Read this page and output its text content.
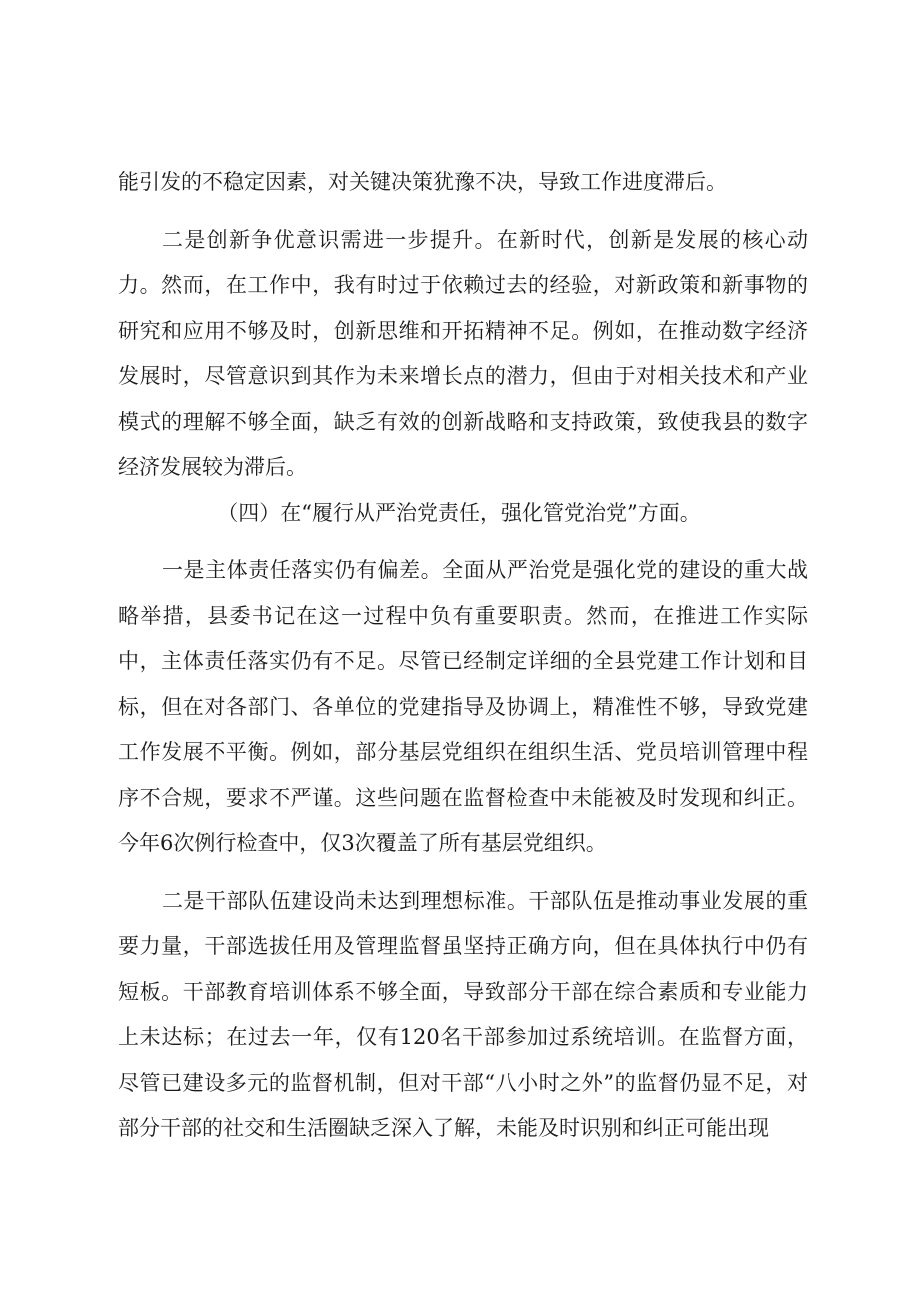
能引发的不稳定因素，对关键决策犹豫不决，导致工作进度滞后。

二是创新争优意识需进一步提升。在新时代，创新是发展的核心动力。然而，在工作中，我有时过于依赖过去的经验，对新政策和新事物的研究和应用不够及时，创新思维和开拓精神不足。例如，在推动数字经济发展时，尽管意识到其作为未来增长点的潜力，但由于对相关技术和产业模式的理解不够全面，缺乏有效的创新战略和支持政策，致使我县的数字经济发展较为滞后。

（四）在“履行从严治党责任，强化管党治党”方面。

一是主体责任落实仍有偏差。全面从严治党是强化党的建设的重大战略举措，县委书记在这一过程中负有重要职责。然而，在推进工作实际中，主体责任落实仍有不足。尽管已经制定详细的全县党建工作计划和目标，但在对各部门、各单位的党建指导及协调上，精准性不够，导致党建工作发展不平衡。例如，部分基层党组织在组织生活、党员培训管理中程序不合规，要求不严谨。这些问题在监督检查中未能被及时发现和纠正。今年6次例行检查中，仅3次覆盖了所有基层党组织。

二是干部队伍建设尚未达到理想标准。干部队伍是推动事业发展的重要力量，干部选拔任用及管理监督虽坚持正确方向，但在具体执行中仍有短板。干部教育培训体系不够全面，导致部分干部在综合素质和专业能力上未达标；在过去一年，仅有120名干部参加过系统培训。在监督方面，尽管已建设多元的监督机制，但对干部“八小时之外”的监督仍显不足，对部分干部的社交和生活圈缺乏深入了解，未能及时识别和纠正可能出现
